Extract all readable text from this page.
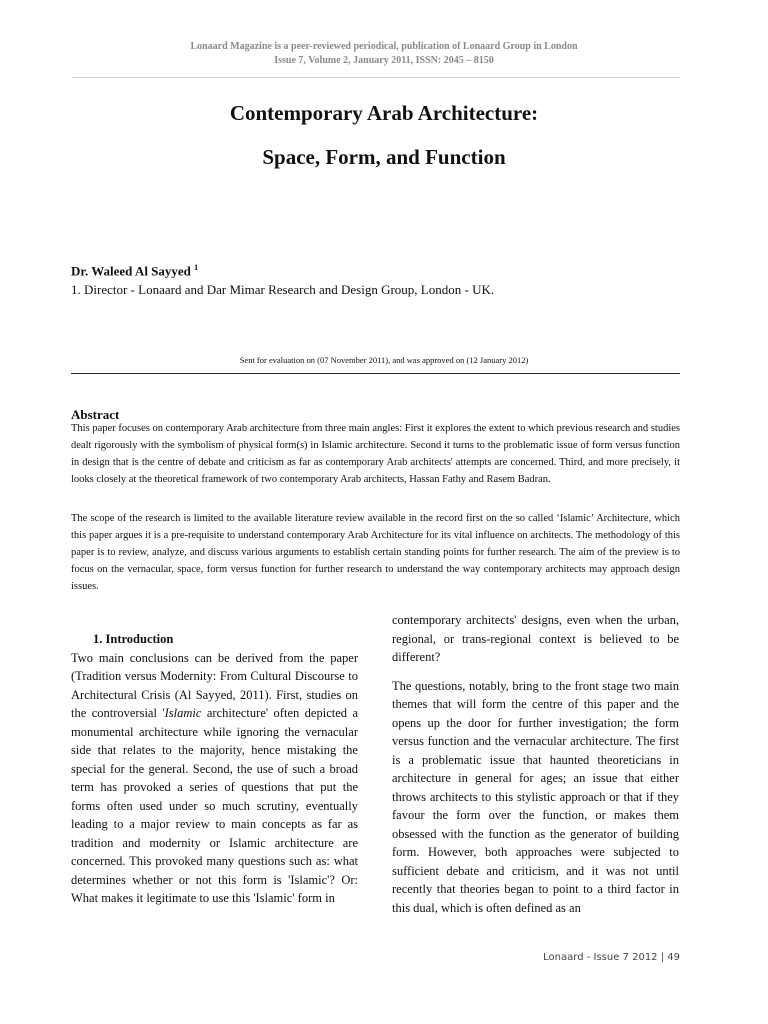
Lonaard Magazine is a peer-reviewed periodical, publication of Lonaard Group in London
Issue 7, Volume 2, January 2011, ISSN: 2045 – 8150
Contemporary Arab Architecture:
Space, Form, and Function
Dr. Waleed Al Sayyed $^1$
1. Director - Lonaard and Dar Mimar Research and Design Group, London - UK.
Sent for evaluation on (07 November 2011), and was approved on (12 January 2012)
Abstract

This paper focuses on contemporary Arab architecture from three main angles: First it explores the extent to which previous research and studies dealt rigorously with the symbolism of physical form(s) in Islamic architecture. Second it turns to the problematic issue of form versus function in design that is the centre of debate and criticism as far as contemporary Arab architects' attempts are concerned. Third, and more precisely, it looks closely at the theoretical framework of two contemporary Arab architects, Hassan Fathy and Rasem Badran.

The scope of the research is limited to the available literature review available in the record first on the so called ‘Islamic’ Architecture, which this paper argues it is a pre-requisite to understand contemporary Arab Architecture for its vital influence on architects. The methodology of this paper is to review, analyze, and discuss various arguments to establish certain standing points for further research. The aim of the preview is to focus on the vernacular, space, form versus function for further research to understand the way contemporary architects may approach design issues.

1. Introduction

Two main conclusions can be derived from the paper (Tradition versus Modernity: From Cultural Discourse to Architectural Crisis (Al Sayyed, 2011). First, studies on the controversial 'Islamic architecture' often depicted a monumental architecture while ignoring the vernacular side that relates to the majority, hence mistaking the special for the general. Second, the use of such a broad term has provoked a series of questions that put the forms often used under so much scrutiny, eventually leading to a major review to main concepts as far as tradition and modernity or Islamic architecture are concerned. This provoked many questions such as: what determines whether or not this form is 'Islamic'? Or: What makes it legitimate to use this 'Islamic' form in

contemporary architects' designs, even when the urban, regional, or trans-regional context is believed to be different?

The questions, notably, bring to the front stage two main themes that will form the centre of this paper and the opens up the door for further investigation; the form versus function and the vernacular architecture. The first is a problematic issue that haunted theoreticians in architecture in general for ages; an issue that either throws architects to this stylistic approach or that if they favour the form over the function, or makes them obsessed with the function as the generator of building form. However, both approaches were subjected to sufficient debate and criticism, and it was not until recently that theories began to point to a third factor in this dual, which is often defined as an

Lonaard - Issue 7 2012 | 49
